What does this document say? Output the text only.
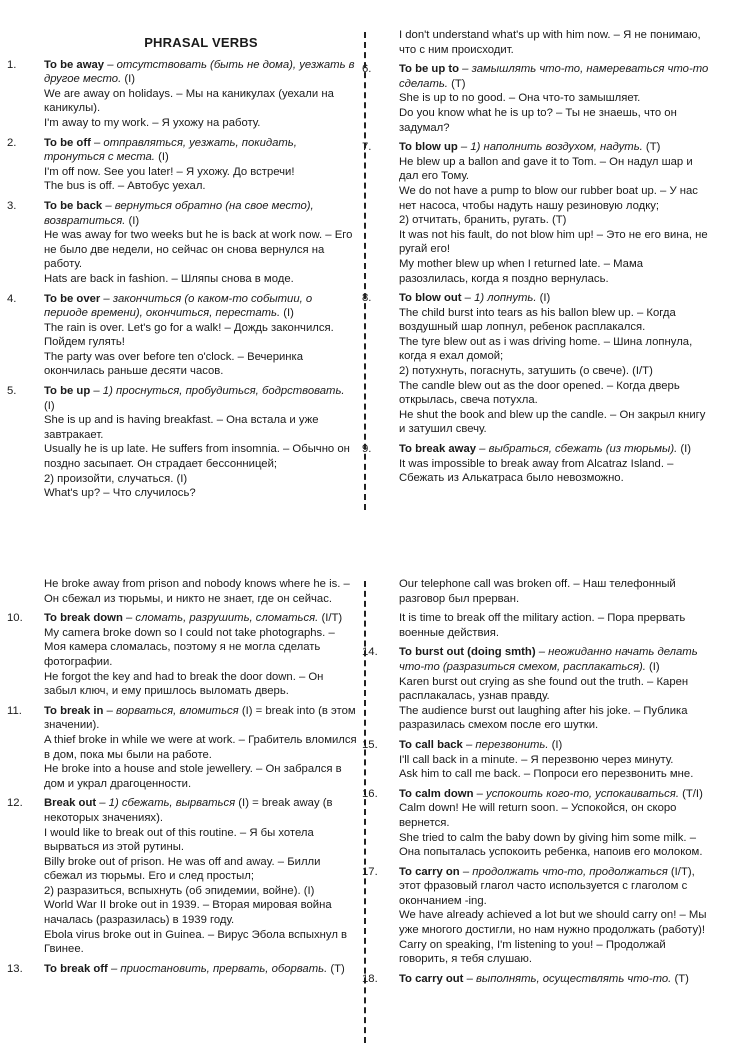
PHRASAL VERBS
1.	To be away – отсутствовать (быть не дома), уезжать в другое место. (I)

We are away on holidays. – Мы на каникулах (уехали на каникулы).

I'm away to my work. – Я ухожу на работу.

2.	To be off – отправляться, уезжать, покидать, тронуться с места. (I)

I'm off now. See you later! – Я ухожу. До встречи!

The bus is off. – Автобус уехал.

3.	To be back – вернуться обратно (на свое место), возвратиться. (I)

He was away for two weeks but he is back at work now. – Его не было две недели, но сейчас он снова вернулся на работу.

Hats are back in fashion. – Шляпы снова в моде.

4.	To be over – закончиться (о каком-то событии, о периоде времени), окончиться, перестать. (I)

The rain is over. Let's go for a walk! – Дождь закончился. Пойдем гулять!

The party was over before ten o'clock. – Вечеринка окончилась раньше десяти часов.

5.	To be up – 1) проснуться, пробудиться, бодрствовать. (I)

She is up and is having breakfast. – Она встала и уже завтракает.

Usually he is up late. He suffers from insomnia. – Обычно он поздно засыпает. Он страдает бессонницей;

2) произойти, случаться. (I)

What's up? – Что случилось?

I don't understand what's up with him now. – Я не понимаю, что с ним происходит.

6.	To be up to – замышлять что-то, намереваться что-то сделать. (T)

She is up to no good. – Она что-то замышляет.

Do you know what he is up to? – Ты не знаешь, что он задумал?

7.	To blow up – 1) наполнить воздухом, надуть. (T)

He blew up a ballon and gave it to Tom. – Он надул шар и дал его Тому.

We do not have a pump to blow our rubber boat up. – У нас нет насоса, чтобы надуть нашу резиновую лодку;

2) отчитать, бранить, ругать. (T)

It was not his fault, do not blow him up! – Это не его вина, не ругай его!

My mother blew up when I returned late. – Мама разозлилась, когда я поздно вернулась.

8.	To blow out – 1) лопнуть. (I)

The child burst into tears as his ballon blew up. – Когда воздушный шар лопнул, ребенок расплакался.

The tyre blew out as i was driving home. – Шина лопнула, когда я ехал домой;

2) потухнуть, погаснуть, затушить (о свече). (I/T)

The candle blew out as the door opened. – Когда дверь открылась, свеча потухла.

He shut the book and blew up the candle. – Он закрыл книгу и затушил свечу.

9.	To break away – выбраться, сбежать (из тюрьмы). (I)

It was impossible to break away from Alcatraz Island. – Сбежать из Алькатраса было невозможно.

He broke away from prison and nobody knows where he is. – Он сбежал из тюрьмы, и никто не знает, где он сейчас.

10.	To break down – сломать, разрушить, сломаться. (I/T)

My camera broke down so I could not take photographs. – Моя камера сломалась, поэтому я не могла сделать фотографии.

He forgot the key and had to break the door down. – Он забыл ключ, и ему пришлось выломать дверь.

11.	To break in – ворваться, вломиться (I) = break into (в этом значении).

A thief broke in while we were at work. – Грабитель вломился в дом, пока мы были на работе.

He broke into a house and stole jewellery. – Он забрался в дом и украл драгоценности.

12.	Break out – 1) сбежать, вырваться (I) = break away (в некоторых значениях).

I would like to break out of this routine. – Я бы хотела вырваться из этой рутины.

Billy broke out of prison. He was off and away. – Билли сбежал из тюрьмы. Его и след простыл;

2) разразиться, вспыхнуть (об эпидемии, войне). (I)

World War II broke out in 1939. – Вторая мировая война началась (разразилась) в 1939 году.

Ebola virus broke out in Guinea. – Вирус Эбола вспыхнул в Гвинее.

13.	To break off – приостановить, прервать, оборвать. (T)

Our telephone call was broken off. – Наш телефонный разговор был прерван.

It is time to break off the military action. – Пора прервать военные действия.

14.	To burst out (doing smth) – неожиданно начать делать что-то (разразиться смехом, расплакаться). (I)

Karen burst out crying as she found out the truth. – Карен расплакалась, узнав правду.

The audience burst out laughing after his joke. – Публика разразилась смехом после его шутки.

15.	To call back – перезвонить. (I)

I'll call back in a minute. – Я перезвоню через минуту.

Ask him to call me back. – Попроси его перезвонить мне.

16.	To calm down – успокоить кого-то, успокаиваться. (T/I)

Calm down! He will return soon. – Успокойся, он скоро вернется.

She tried to calm the baby down by giving him some milk. – Она попыталась успокоить ребенка, напоив его молоком.

17.	To carry on – продолжать что-то, продолжаться (I/T), этот фразовый глагол часто используется с глаголом с окончанием -ing.

We have already achieved a lot but we should carry on! – Мы уже многого достигли, но нам нужно продолжать (работу)!

Carry on speaking, I'm listening to you! – Продолжай говорить, я тебя слушаю.

18.	To carry out – выполнять, осуществлять что-то. (T)
